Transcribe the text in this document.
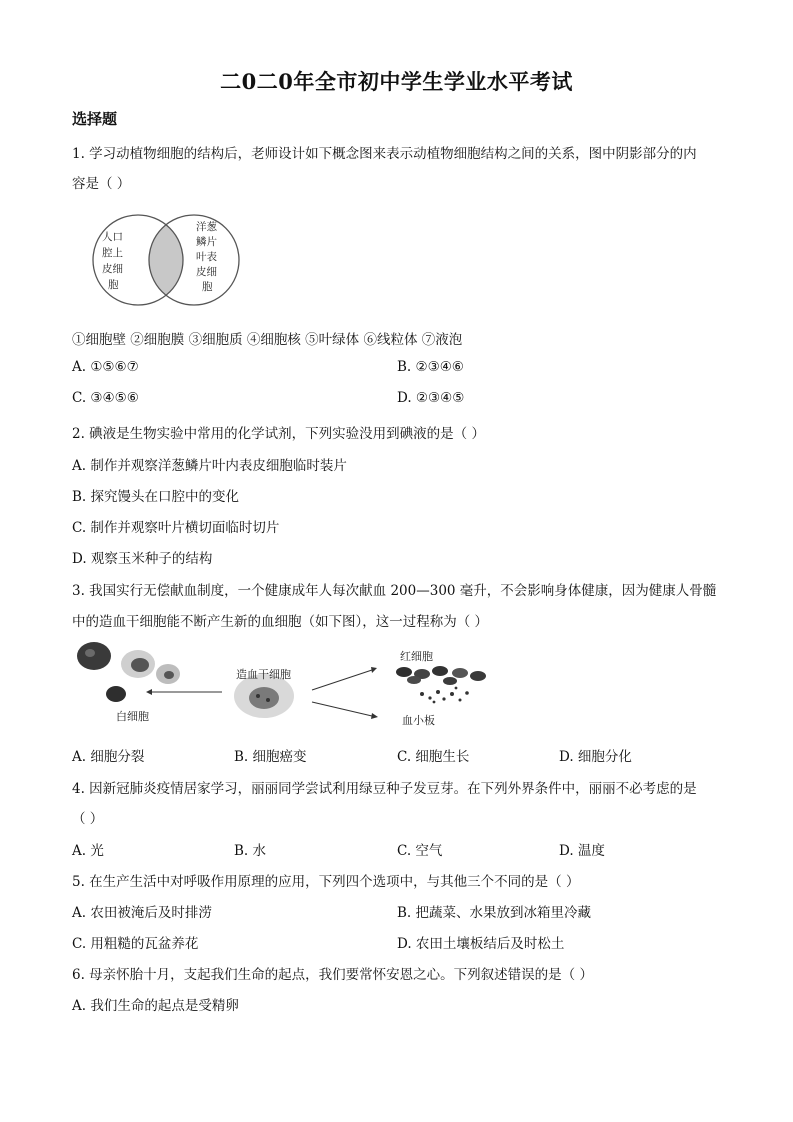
二0二0年全市初中学生学业水平考试
选择题
1. 学习动植物细胞的结构后，老师设计如下概念图来表示动植物细胞结构之间的关系，图中阴影部分的内
容是（ ）
人口
腔上
皮细
胞
洋葱
鳞片
叶表
皮细
胞
①细胞壁 ②细胞膜 ③细胞质 ④细胞核 ⑤叶绿体 ⑥线粒体 ⑦液泡
A. ①⑤⑥⑦	B. ②③④⑥
C. ③④⑤⑥	D. ②③④⑤
2. 碘液是生物实验中常用的化学试剂，下列实验没用到碘液的是（ ）
A. 制作并观察洋葱鳞片叶内表皮细胞临时装片
B. 探究馒头在口腔中的变化
C. 制作并观察叶片横切面临时切片
D. 观察玉米种子的结构
3. 我国实行无偿献血制度，一个健康成年人每次献血 200—300 毫升，不会影响身体健康，因为健康人骨髓
中的造血干细胞能不断产生新的血细胞（如下图），这一过程称为（ ）
白细胞
造血干细胞
红细胞
血小板
A. 细胞分裂	B. 细胞癌变	C. 细胞生长	D. 细胞分化
4. 因新冠肺炎疫情居家学习，丽丽同学尝试利用绿豆种子发豆芽。在下列外界条件中，丽丽不必考虑的是
（ ）
A. 光	B. 水	C. 空气	D. 温度
5. 在生产生活中对呼吸作用原理的应用，下列四个选项中，与其他三个不同的是（ ）
A. 农田被淹后及时排涝	B. 把蔬菜、水果放到冰箱里冷藏
C. 用粗糙的瓦盆养花	D. 农田土壤板结后及时松土
6. 母亲怀胎十月，支起我们生命的起点，我们要常怀安恩之心。下列叙述错误的是（ ）
A. 我们生命的起点是受精卵
